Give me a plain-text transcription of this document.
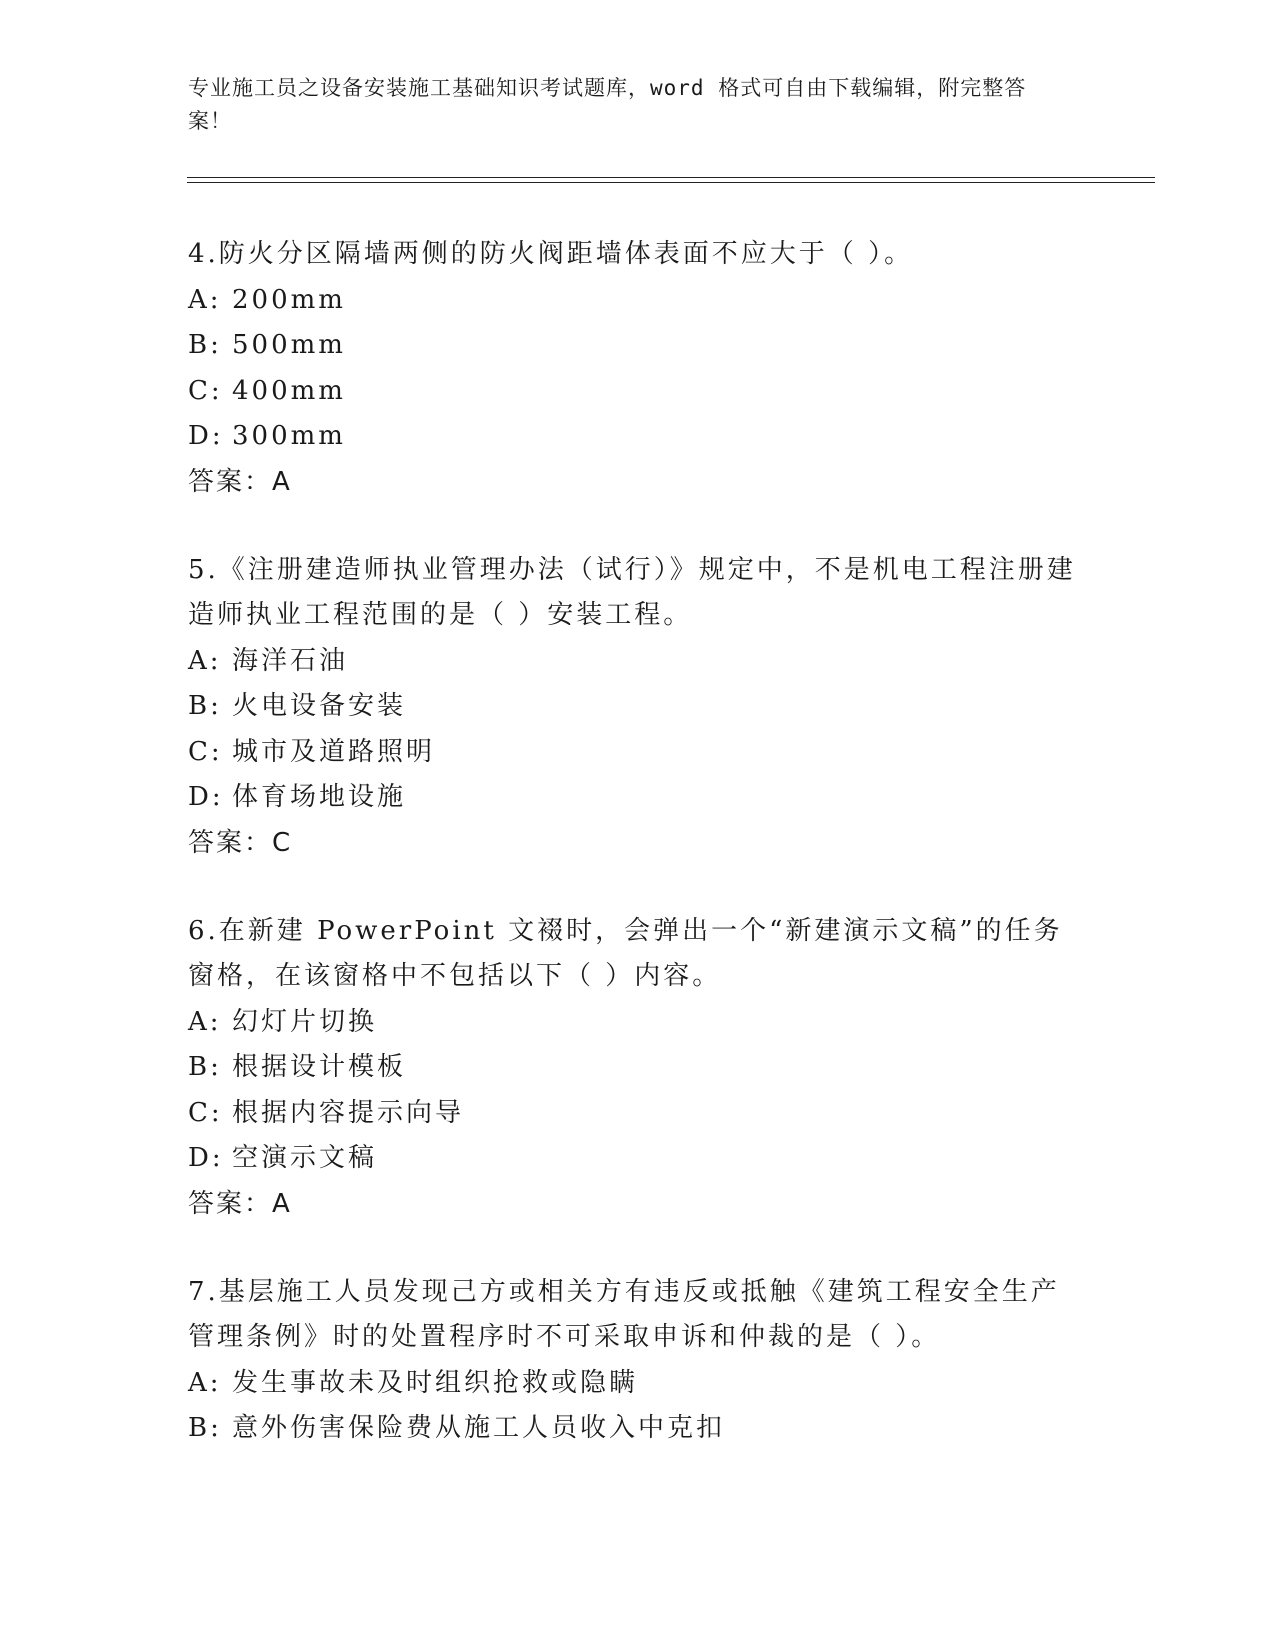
专业施工员之设备安装施工基础知识考试题库，word 格式可自由下载编辑，附完整答案！
4.防火分区隔墙两侧的防火阀距墙体表面不应大于（ ）。
A: 200mm
B: 500mm
C: 400mm
D: 300mm
答案：A
5.《注册建造师执业管理办法（试行）》规定中，不是机电工程注册建造师执业工程范围的是（ ）安装工程。
A: 海洋石油
B: 火电设备安装
C: 城市及道路照明
D: 体育场地设施
答案：C
6.在新建 PowerPoint 文裰时，会弹出一个“新建演示文稿”的任务窗格，在该窗格中不包括以下（ ）内容。
A: 幻灯片切换
B: 根据设计模板
C: 根据内容提示向导
D: 空演示文稿
答案：A
7.基层施工人员发现己方或相关方有违反或抵触《建筑工程安全生产管理条例》时的处置程序时不可采取申诉和仲裁的是（ ）。
A: 发生事故未及时组织抢救或隐瞒
B: 意外伤害保险费从施工人员收入中克扣
